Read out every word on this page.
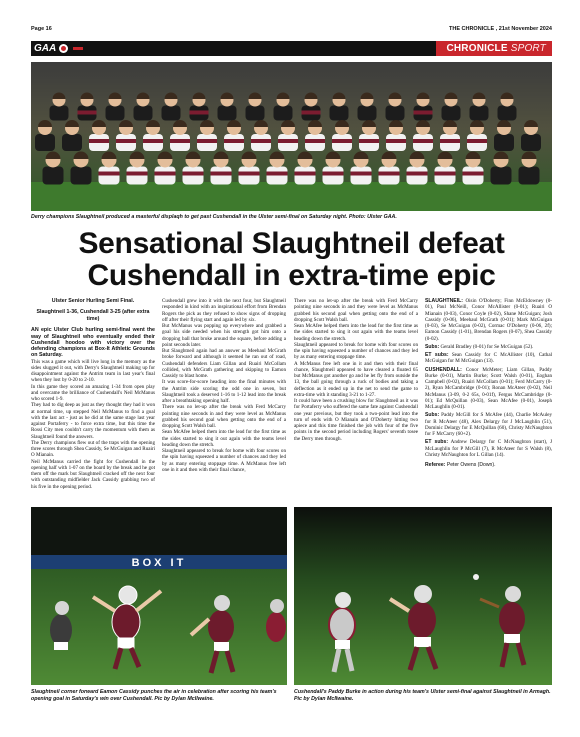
Page 16	THE CHRONICLE , 21st November 2024
GAA	CHRONICLE SPORT
Derry champions Slaughtneil produced a masterful displaqh to get past Cushendall in the Ulster semi-final on Saturday night. Photo: Ulster GAA.
Sensational Slaughtneil defeat
Cushendall in extra-time epic
Ulster Senior Hurling Semi Final.
Slaughtneil 1-36, Cushendall 3-25 (after extra time)

AN epic Ulster Club hurling semi-final went the way of Slaughtneil who eventually ended their Cushendall hoodoo with victory over the defending champions at Box-It Athletic Grounds on Saturday.

This was a game which will live long in the memory as the sides slugged it out, with Derry's Slaughtneil making up for disappointment against the Antrim team in last year's final when they lost by 0-20 to 2-10.

In this game they scored an amazing 1-34 from open play and overcame the brilliance of Cushendall's Neil McManus who scored 1-9.

They had to dig deep as just as they thought they had it won at normal time, up stepped Neil McManus to find a goal with the last act - just as he did at the same stage last year against Portaferry - to force extra time, but this time the Rossi City men couldn't carry the momentum with them as Slaughtneil found the answers.

The Derry champions flew out of the traps with the opening three scores through Shea Cassidy, Se McGuigan and Ruairi O Mianain.

Neil McManus carried the fight for Cushendall in the opening half with 1-07 on the board by the break and he got them off the mark but Slaughtneil cracked off the next four with outstanding midfielder Jack Cassidy grabbing two of his five in the opening period.

Cushendall grew into it with the next four, but Slaughtneil responded in kind with an inspirational effort from Brendan Rogers the pick as they refused to show signs of dropping off after their flying start and again led by six.

But McManus was popping up everywhere and grabbed a goal his side needed when his strength got him onto a dropping ball that broke around the square, before adding a point seconds later.

But Slaughtneil again had an answer as Meehaul McGrath broke forward and although it seemed he ran out of road, Cushendall defenders Liam Gillan and Ruairi McCollam collided, with McGrath gathering and skipping to Eamon Cassidy to blast home.

It was score-for-score heading into the final minutes with the Antrim side scoring the odd one in seven, but Slaughtneil took a deserved 1-16 to 1-12 lead into the break after a breathtaking opening half.

There was no let-up after the break with Ferd McCarry pointing nine seconds in and they were level as McManus grabbed his second goal when getting onto the end of a dropping Scott Walsh ball.

Sean McAfee helped them into the lead for the first time as the sides started to sing it out again with the teams level heading down the stretch.

Slaughtneil appeared to break for home with four scores on the spin having squeezed a number of chances and they led by as many entering stoppage time. A McManus free left one in it and then with their final chance,

There was no let-up after the break with Ferd McCarry pointing nine seconds in and they were level as McManus grabbed his second goal when getting onto the end of a dropping Scott Walsh ball.

Sean McAfee helped them into the lead for the first time as the sides started to sing it out again with the teams level heading down the stretch.

Slaughtneil appeared to break for home with four scores on the spin having squeezed a number of chances and they led by as many entering stoppage time.

A McManus free left one in it and then with their final chance, Slaughtneil appeared to have cleared a floated 65 but McManus got another go and he let fly from outside the 13, the ball going through a ruck of bodies and taking a deflection as it ended up in the net to send the game to extra-time with it standing 3-21 to 1-27.

It could have been a crushing blow for Slaughtneil as it was for Portaferry who suffered the same fate against Cushendall one year previous, but they took a two-point lead into the turn of ends with O Mianain and O'Doherty hitting two apiece and this time finished the job with four of the five points in the second period including Rogers' seventh tosee the Derry men through.

SLAUGHTNEIL: Oisin O'Doherty; Finn McEldowney (0-01), Paul McNeill, Conor McAllister (0-01); Ruairi O Mianain (0-03), Conor Coyle (0-02), Shane McGuigan; Josh Cassidy (0-06), Meehaul McGrath (0-01); Mark McGuigan (0-03), Se McGuigan (0-02), Cormac O'Doherty (0-06, 2f); Eamon Cassidy (1-01), Brendan Rogers (0-07), Shea Cassidy (0-02).

Subs: Gerald Bradley (0-01) for Se McGuigan (52).

ET subs: Sean Cassidy for C McAllister (10), Cathal McGuigan for M McGuigan (13).

CUSHENDALL: Conor McMeter; Liam Gillan, Paddy Burke (0-01), Martin Burke; Scott Walsh (0-01), Eoghan Campbell (0-02), Ruairi McCollam (0-01); Ferd McCarry (0-2), Ryan McCambridge (0-01); Ronan McAteer (0-02), Neil McManus (3-09, 0-2 65s, 0-01f), Fergus McCambridge (0-01); Ed McQuillan (0-03), Sean McAfee (0-01), Joseph McLaughlin (0-01).

Subs: Paddy McGill for S McAfee (44), Charlie McAuley for R McAteer (48), Alex Delargy for J McLaughlin (51), Dominic Delargy for E McQuillan (60), Christy McNaughton for F McCarry (60+2).

ET subs: Andrew Delargy for C McNaughton (start), J McLaughlin for P McGill (7), R McAteer for S Walsh (8), Christy McNaughton for L Gillan (14).

Referee: Peter Owens (Down).

BOX IT
Slaughtneil corner forward Eamon Cassidy punches the air in celebration after scoring his team's opening goal in Saturday's win over Cushendall. Pic by Dylan McIlwaine.
Cushendall's Paddy Burke in action during his team's Ulster semi-final against Slaughtneil in Armagh. Pic by Dylan McIlwaine.
